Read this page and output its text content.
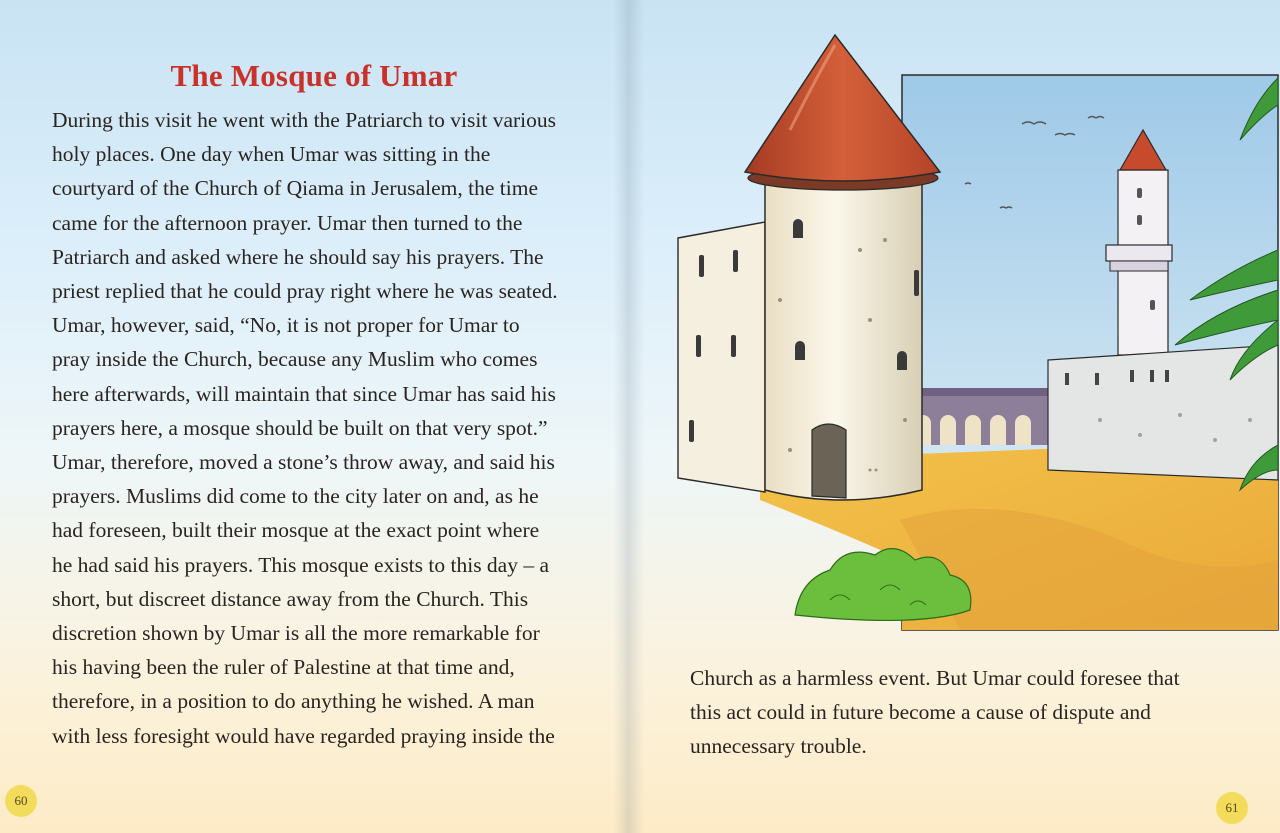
The Mosque of Umar
During this visit he went with the Patriarch to visit various
holy places. One day when Umar was sitting in the
courtyard of the Church of Qiama in Jerusalem, the time
came for the afternoon prayer. Umar then turned to the
Patriarch and asked where he should say his prayers. The
priest replied that he could pray right where he was seated.
Umar, however, said, “No, it is not proper for Umar to
pray inside the Church, because any Muslim who comes
here afterwards, will maintain that since Umar has said his
prayers here, a mosque should be built on that very spot.”
Umar, therefore, moved a stone’s throw away, and said his
prayers. Muslims did come to the city later on and, as he
had foreseen, built their mosque at the exact point where
he had said his prayers. This mosque exists to this day – a
short, but discreet distance away from the Church. This
discretion shown by Umar is all the more remarkable for
his having been the ruler of Palestine at that time and,
therefore, in a position to do anything he wished. A man
with less foresight would have regarded praying inside the
60
Church as a harmless event. But Umar could foresee that
this act could in future become a cause of dispute and
unnecessary trouble.
61
